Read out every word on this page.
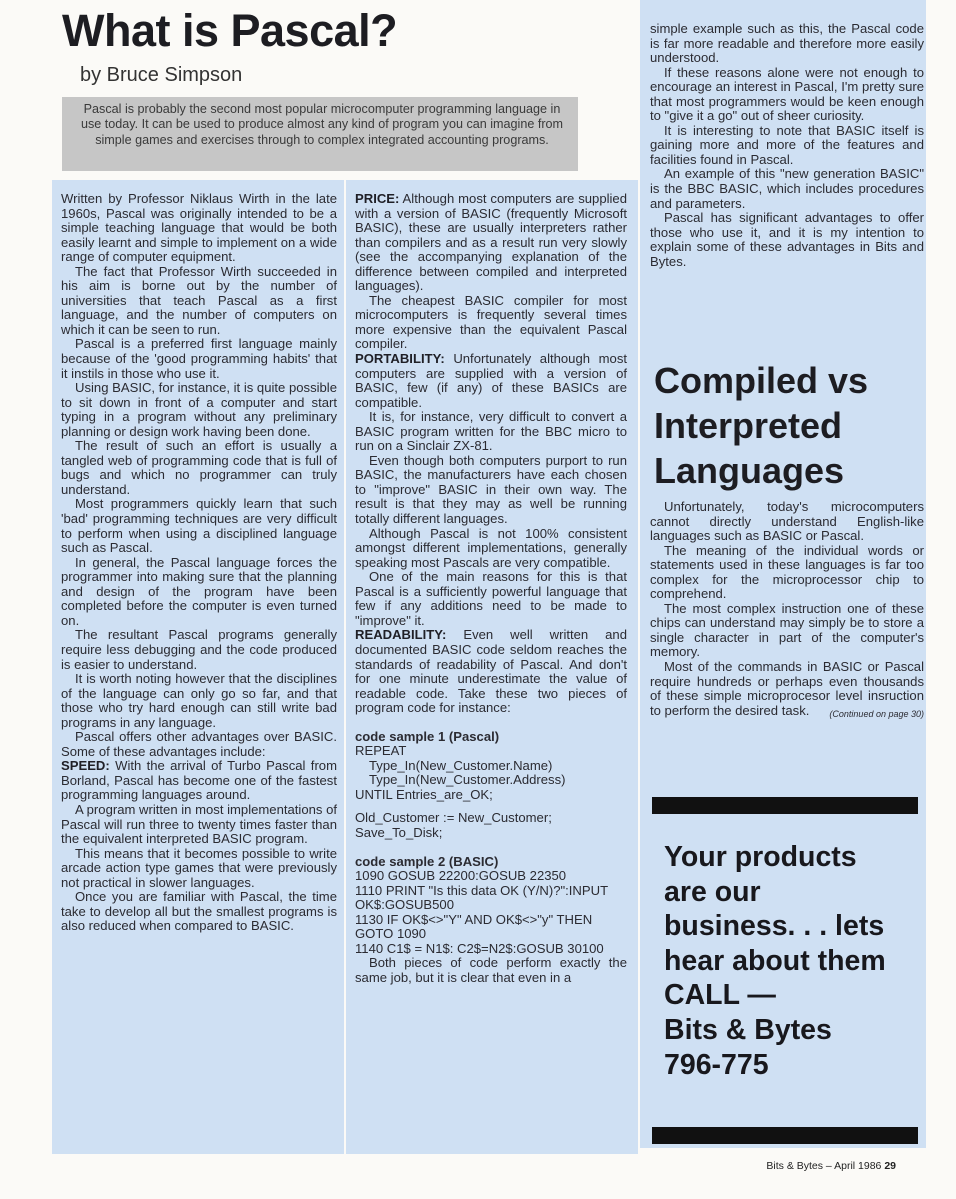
What is Pascal?
by Bruce Simpson
Pascal is probably the second most popular microcomputer programming language in use today. It can be used to produce almost any kind of program you can imagine from simple games and exercises through to complex integrated accounting programs.

Written by Professor Niklaus Wirth in the late 1960s, Pascal was originally intended to be a simple teaching language that would be both easily learnt and simple to implement on a wide range of computer equipment.

The fact that Professor Wirth succeeded in his aim is borne out by the number of universities that teach Pascal as a first language, and the number of computers on which it can be seen to run.

Pascal is a preferred first language mainly because of the 'good programming habits' that it instils in those who use it.

Using BASIC, for instance, it is quite possible to sit down in front of a computer and start typing in a program without any preliminary planning or design work having been done.

The result of such an effort is usually a tangled web of programming code that is full of bugs and which no programmer can truly understand.

Most programmers quickly learn that such 'bad' programming techniques are very difficult to perform when using a disciplined language such as Pascal.

In general, the Pascal language forces the programmer into making sure that the planning and design of the program have been completed before the computer is even turned on.

The resultant Pascal programs generally require less debugging and the code produced is easier to understand.

It is worth noting however that the disciplines of the language can only go so far, and that those who try hard enough can still write bad programs in any language.

Pascal offers other advantages over BASIC. Some of these advantages include:

SPEED: With the arrival of Turbo Pascal from Borland, Pascal has become one of the fastest programming languages around.

A program written in most implementations of Pascal will run three to twenty times faster than the equivalent interpreted BASIC program.

This means that it becomes possible to write arcade action type games that were previously not practical in slower languages.

Once you are familiar with Pascal, the time take to develop all but the smallest programs is also reduced when compared to BASIC.

PRICE: Although most computers are supplied with a version of BASIC (frequently Microsoft BASIC), these are usually interpreters rather than compilers and as a result run very slowly (see the accompanying explanation of the difference between compiled and interpreted languages).

The cheapest BASIC compiler for most microcomputers is frequently several times more expensive than the equivalent Pascal compiler.

PORTABILITY: Unfortunately although most computers are supplied with a version of BASIC, few (if any) of these BASICs are compatible.

It is, for instance, very difficult to convert a BASIC program written for the BBC micro to run on a Sinclair ZX-81.

Even though both computers purport to run BASIC, the manufacturers have each chosen to "improve" BASIC in their own way. The result is that they may as well be running totally different languages.

Although Pascal is not 100% consistent amongst different implementations, generally speaking most Pascals are very compatible.

One of the main reasons for this is that Pascal is a sufficiently powerful language that few if any additions need to be made to "improve" it.

READABILITY: Even well written and documented BASIC code seldom reaches the standards of readability of Pascal. And don't for one minute underestimate the value of readable code. Take these two pieces of program code for instance:

code sample 1 (Pascal)

REPEAT

Type_In(New_Customer.Name)

Type_In(New_Customer.Address)

UNTIL Entries_are_OK;

Old_Customer := New_Customer;

Save_To_Disk;

code sample 2 (BASIC)

1090 GOSUB 22200:GOSUB 22350

1110 PRINT "Is this data OK (Y/N)?":INPUT OK$:GOSUB500

1130 IF OK$<>"Y" AND OK$<>"y" THEN GOTO 1090

1140 C1$ = N1$: C2$=N2$:GOSUB 30100

Both pieces of code perform exactly the same job, but it is clear that even in a

simple example such as this, the Pascal code is far more readable and therefore more easily understood.

If these reasons alone were not enough to encourage an interest in Pascal, I'm pretty sure that most programmers would be keen enough to "give it a go" out of sheer curiosity.

It is interesting to note that BASIC itself is gaining more and more of the features and facilities found in Pascal.

An example of this "new generation BASIC" is the BBC BASIC, which includes procedures and parameters.

Pascal has significant advantages to offer those who use it, and it is my intention to explain some of these advantages in Bits and Bytes.

Compiled vs Interpreted Languages

Unfortunately, today's microcomputers cannot directly understand English-like languages such as BASIC or Pascal.

The meaning of the individual words or statements used in these languages is far too complex for the microprocessor chip to comprehend.

The most complex instruction one of these chips can understand may simply be to store a single character in part of the computer's memory.

Most of the commands in BASIC or Pascal require hundreds or perhaps even thousands of these simple microprocesor level insruction to perform the desired task.	(Continued on page 30)

Your products
are our
business. . . lets
hear about them
CALL —
Bits & Bytes
796-775
Bits & Bytes – April 1986 29
